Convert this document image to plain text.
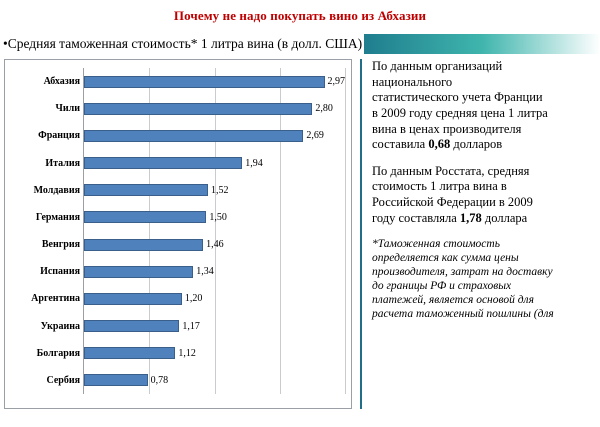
Почему не надо покупать вино из Абхазии
•Средняя таможенная стоимость* 1 литра вина (в долл. США)
Абхазия	2,97
Чили	2,80
Франция	2,69
Италия	1,94
Молдавия	1,52
Германия	1,50
Венгрия	1,46
Испания	1,34
Аргентина	1,20
Украина	1,17
Болгария	1,12
Сербия	0,78

По данным организаций

национального

статистического учета Франции

в 2009 году средняя цена 1 литра

вина в ценах производителя

составила 0,68 долларов

По данным Росстата, средняя

стоимость 1 литра вина в

Российской Федерации в 2009

году составляла 1,78 доллара

*Таможенная стоимость

определяется как сумма цены

производителя, затрат на доставку

до границы РФ и страховых

платежей, является основой для

расчета таможенный пошлины (для
